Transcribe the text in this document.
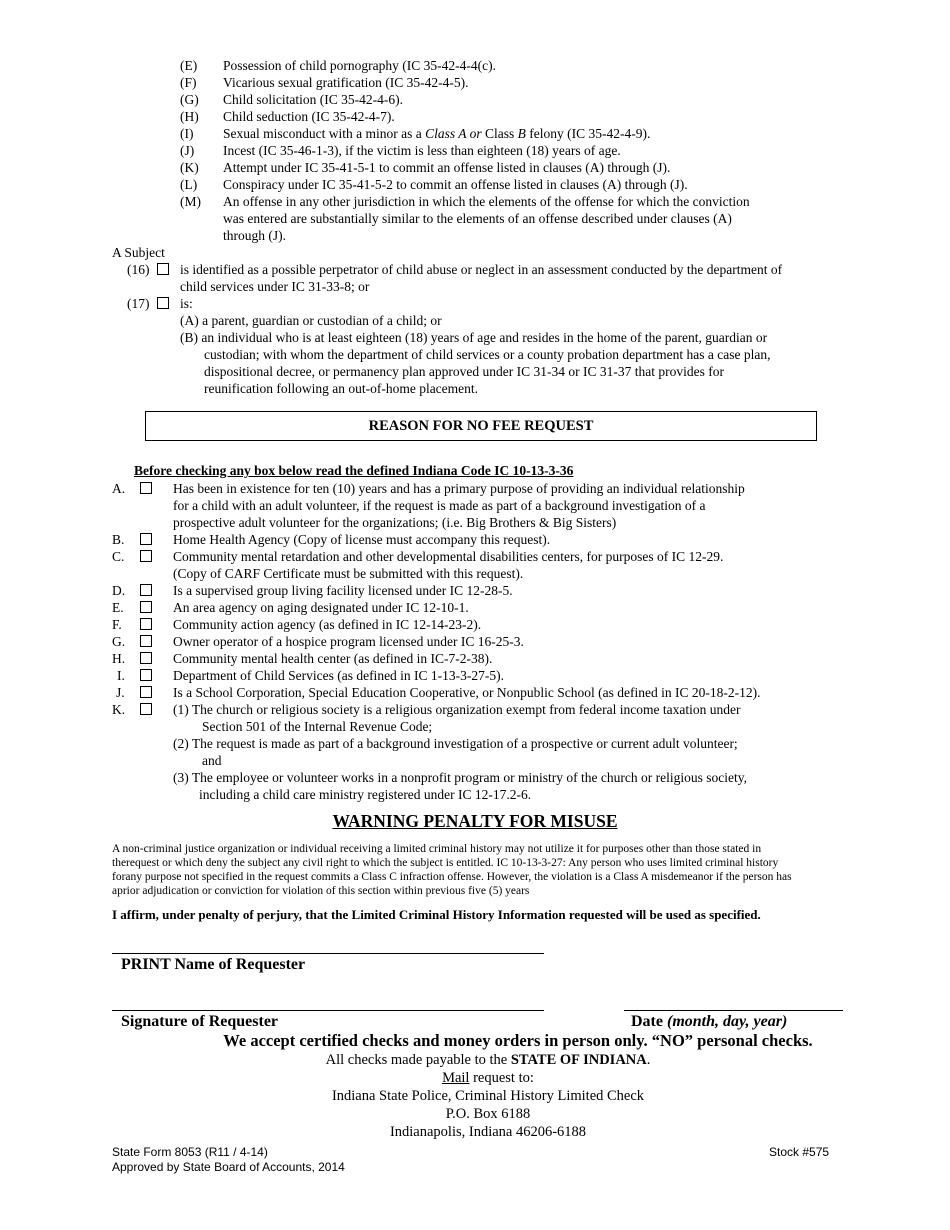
(E) Possession of child pornography (IC 35-42-4-4(c).
(F) Vicarious sexual gratification (IC 35-42-4-5).
(G) Child solicitation (IC 35-42-4-6).
(H) Child seduction (IC 35-42-4-7).
(I) Sexual misconduct with a minor as a Class A or Class B felony (IC 35-42-4-9).
(J) Incest (IC 35-46-1-3), if the victim is less than eighteen (18) years of age.
(K) Attempt under IC 35-41-5-1 to commit an offense listed in clauses (A) through (J).
(L) Conspiracy under IC 35-41-5-2 to commit an offense listed in clauses (A) through (J).
(M) An offense in any other jurisdiction in which the elements of the offense for which the conviction
was entered are substantially similar to the elements of an offense described under clauses (A)
through (J).
A Subject
(16) is identified as a possible perpetrator of child abuse or neglect in an assessment conducted by the department of
child services under IC 31-33-8; or
(17) is:
(A) a parent, guardian or custodian of a child; or
(B) an individual who is at least eighteen (18) years of age and resides in the home of the parent, guardian or
custodian; with whom the department of child services or a county probation department has a case plan,
dispositional decree, or permanency plan approved under IC 31-34 or IC 31-37 that provides for
reunification following an out-of-home placement.
REASON FOR NO FEE REQUEST
Before checking any box below read the defined Indiana Code IC 10-13-3-36
A.	Has been in existence for ten (10) years and has a primary purpose of providing an individual relationship
for a child with an adult volunteer, if the request is made as part of a background investigation of a
prospective adult volunteer for the organizations; (i.e. Big Brothers & Big Sisters)
B.	Home Health Agency (Copy of license must accompany this request).
C.	Community mental retardation and other developmental disabilities centers, for purposes of IC 12-29.
(Copy of CARF Certificate must be submitted with this request).
D.	Is a supervised group living facility licensed under IC 12-28-5.
E.	An area agency on aging designated under IC 12-10-1.
F.	Community action agency (as defined in IC 12-14-23-2).
G.	Owner operator of a hospice program licensed under IC 16-25-3.
H.	Community mental health center (as defined in IC-7-2-38).
I.	Department of Child Services (as defined in IC 1-13-3-27-5).
J.	Is a School Corporation, Special Education Cooperative, or Nonpublic School (as defined in IC 20-18-2-12).
K.	(1) The church or religious society is a religious organization exempt from federal income taxation under
Section 501 of the Internal Revenue Code;
(2) The request is made as part of a background investigation of a prospective or current adult volunteer;
and
(3) The employee or volunteer works in a nonprofit program or ministry of the church or religious society,
including a child care ministry registered under IC 12-17.2-6.
WARNING PENALTY FOR MISUSE
A non-criminal justice organization or individual receiving a limited criminal history may not utilize it for purposes other than those stated in
therequest or which deny the subject any civil right to which the subject is entitled. IC 10-13-3-27: Any person who uses limited criminal history
forany purpose not specified in the request commits a Class C infraction offense. However, the violation is a Class A misdemeanor if the person has
aprior adjudication or conviction for violation of this section within previous five (5) years
I affirm, under penalty of perjury, that the Limited Criminal History Information requested will be used as specified.
PRINT Name of Requester
Signature of Requester	Date (month, day, year)
We accept certified checks and money orders in person only. “NO” personal checks.
All checks made payable to the STATE OF INDIANA.
Mail request to:
Indiana State Police, Criminal History Limited Check
P.O. Box 6188
Indianapolis, Indiana 46206-6188
State Form 8053 (R11 / 4-14)
Approved by State Board of Accounts, 2014
Stock #575
